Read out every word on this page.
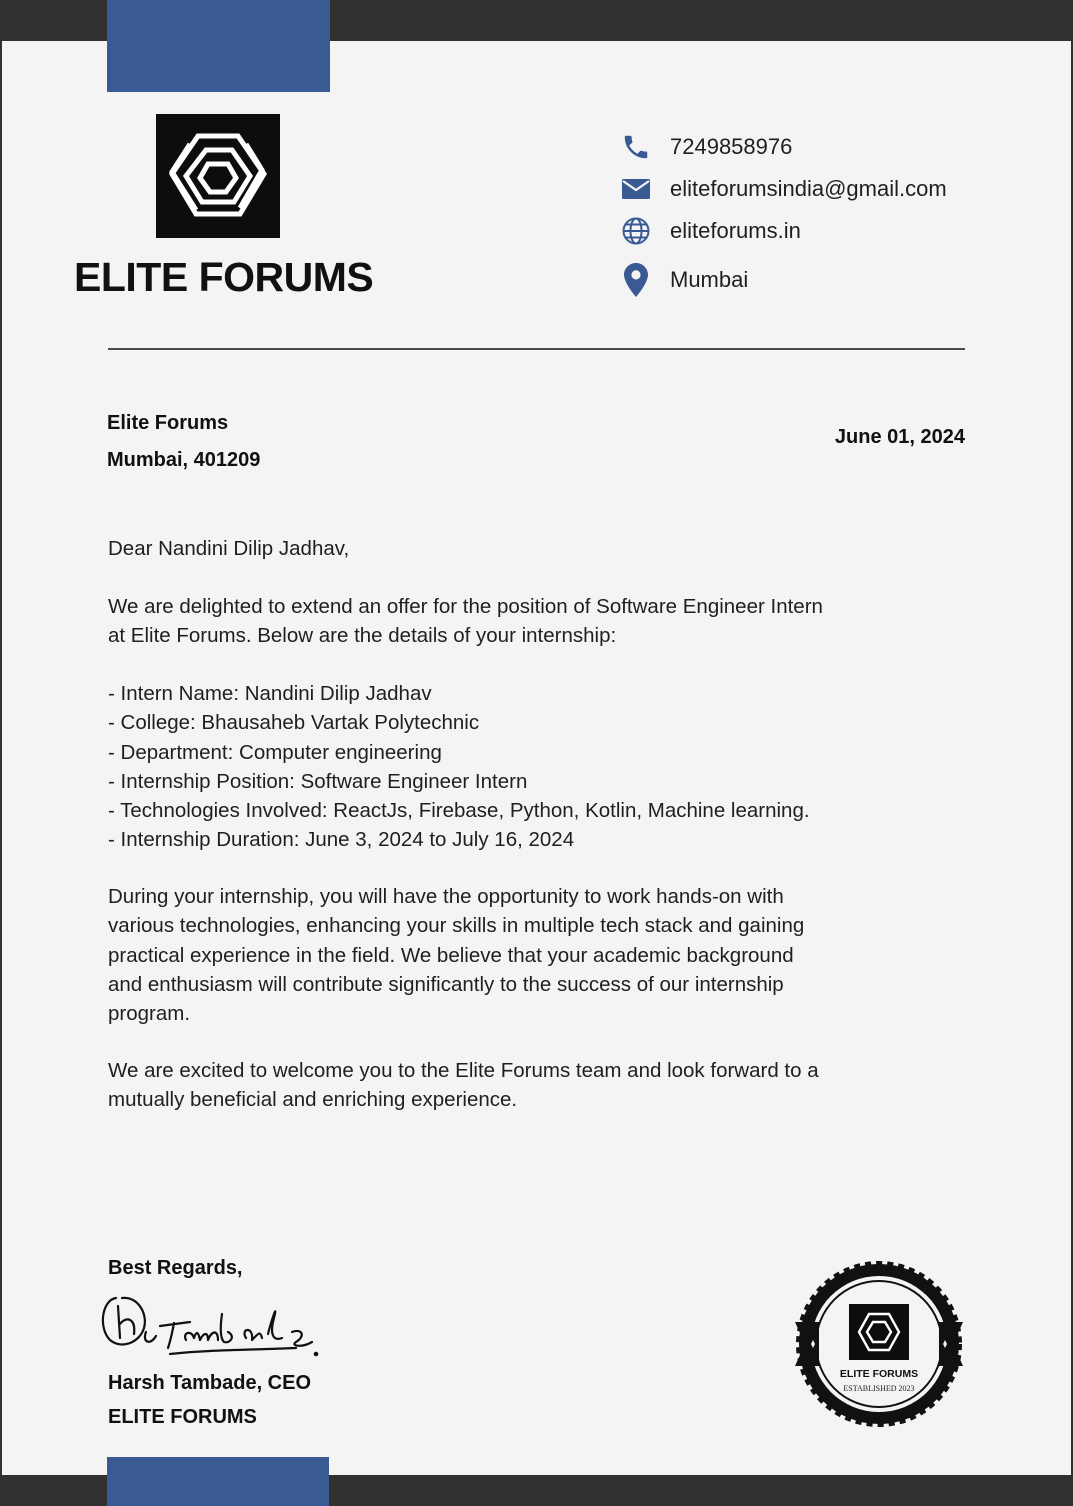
ELITE FORUMS
7249858976
eliteforumsindia@gmail.com
eliteforums.in
Mumbai
Elite Forums
Mumbai, 401209
June 01, 2024
Dear Nandini Dilip Jadhav,

We are delighted to extend an offer for the position of Software Engineer Intern

at Elite Forums. Below are the details of your internship:

- Intern Name: Nandini Dilip Jadhav

- College: Bhausaheb Vartak Polytechnic

- Department: Computer engineering

- Internship Position: Software Engineer Intern

- Technologies Involved: ReactJs, Firebase, Python, Kotlin, Machine learning.

- Internship Duration: June 3, 2024 to July 16, 2024

During your internship, you will have the opportunity to work hands-on with

various technologies, enhancing your skills in multiple tech stack and gaining

practical experience in the field. We believe that your academic background

and enthusiasm will contribute significantly to the success of our internship

program.

We are excited to welcome you to the Elite Forums team and look forward to a

mutually beneficial and enriching experience.

Best Regards,
Harsh Tambade, CEO
ELITE FORUMS
ELITE FORUMS
ESTABLISHED 2023
